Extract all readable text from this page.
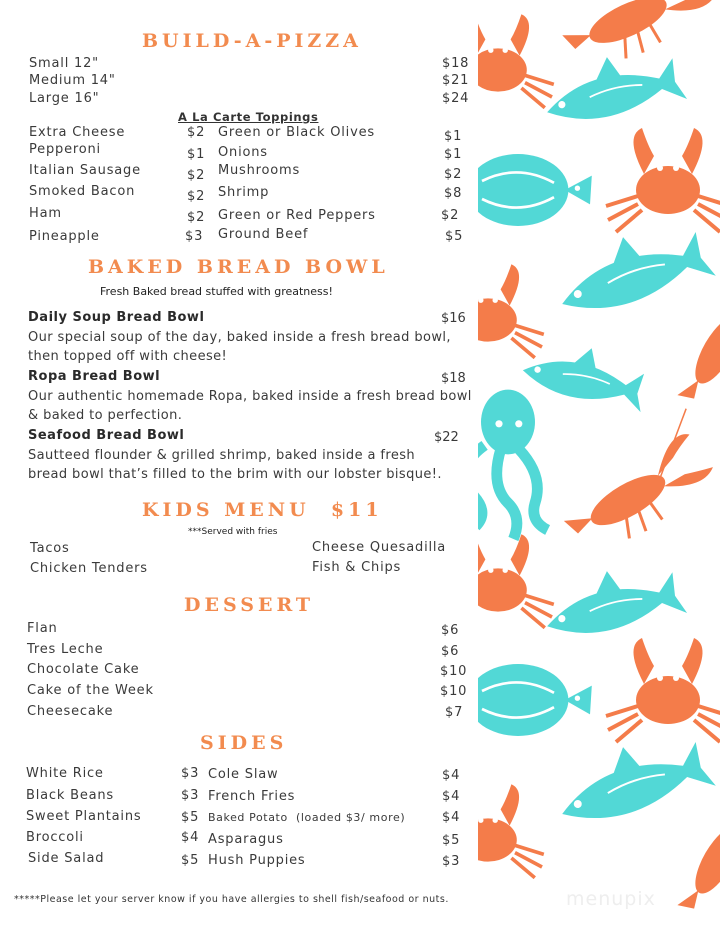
BUILD-A-PIZZA
Small 12"	$18
Medium 14"	$21
Large 16"	$24
A La Carte Toppings
Extra Cheese	$2
Pepperoni	$1
Italian Sausage	$2
Smoked Bacon	$2
Ham	$2
Pineapple	$3
Green or Black Olives	$1
Onions	$1
Mushrooms	$2
Shrimp	$8
Green or Red Peppers	$2
Ground Beef	$5
BAKED BREAD BOWL
Fresh Baked bread stuffed with greatness!
Daily Soup Bread Bowl	$16
Our special soup of the day, baked inside a fresh bread bowl,
then topped off with cheese!
Ropa Bread Bowl	$18
Our authentic homemade Ropa, baked inside a fresh bread bowl
& baked to perfection.
Seafood Bread Bowl	$22
Sautteed flounder & grilled shrimp, baked inside a fresh
bread bowl that’s filled to the brim with our lobster bisque!.
KIDS MENU  $11
***Served with fries
Tacos
Chicken Tenders
Cheese Quesadilla
Fish & Chips
DESSERT
Flan	$6
Tres Leche	$6
Chocolate Cake	$10
Cake of the Week	$10
Cheesecake	$7
SIDES
White Rice	$3
Black Beans	$3
Sweet Plantains	$5
Broccoli	$4
Side Salad	$5
Cole Slaw	$4
French Fries	$4
Baked Potato  (loaded $3/ more)	$4
Asparagus	$5
Hush Puppies	$3
*****Please let your server know if you have allergies to shell fish/seafood or nuts.	menupix
